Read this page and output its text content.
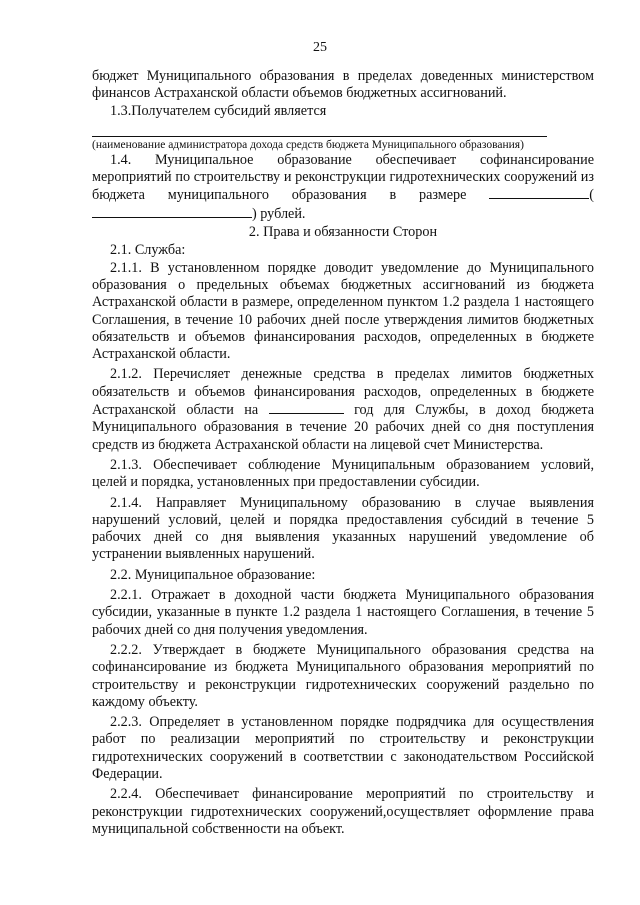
25

бюджет Муниципального образования в пределах доведенных министерством финансов Астраханской области объемов бюджетных ассигнований.

1.3.Получателем субсидий является

(наименование администратора дохода средств бюджета Муниципального образования)

1.4. Муниципальное образование обеспечивает софинансирование мероприятий по строительству и реконструкции гидротехнических сооружений из бюджета муниципального образования в размере	() рублей.

2. Права и обязанности Сторон

2.1. Служба:

2.1.1. В установленном порядке доводит уведомление до Муниципального образования о предельных объемах бюджетных ассигнований из бюджета Астраханской области в размере, определенном пунктом 1.2 раздела 1 настоящего Соглашения, в течение 10 рабочих дней после утверждения лимитов бюджетных обязательств и объемов финансирования расходов, определенных в бюджете Астраханской области.

2.1.2. Перечисляет денежные средства в пределах лимитов бюджетных обязательств и объемов финансирования расходов, определенных в бюджете Астраханской области на	год для Службы, в доход бюджета Муниципального образования в течение 20 рабочих дней со дня поступления средств из бюджета Астраханской области на лицевой счет Министерства.

2.1.3. Обеспечивает соблюдение Муниципальным образованием условий, целей и порядка, установленных при предоставлении субсидии.

2.1.4. Направляет Муниципальному образованию в случае выявления нарушений условий, целей и порядка предоставления субсидий в течение 5 рабочих дней со дня выявления указанных нарушений уведомление об устранении выявленных нарушений.

2.2. Муниципальное образование:

2.2.1. Отражает в доходной части бюджета Муниципального образования субсидии, указанные в пункте 1.2 раздела 1 настоящего Соглашения, в течение 5 рабочих дней со дня получения уведомления.

2.2.2. Утверждает в бюджете Муниципального образования средства на софинансирование из бюджета Муниципального образования мероприятий по строительству и реконструкции гидротехнических сооружений раздельно по каждому объекту.

2.2.3. Определяет в установленном порядке подрядчика для осуществления работ по реализации мероприятий по строительству и реконструкции гидротехнических сооружений в соответствии с законодательством Российской Федерации.

2.2.4. Обеспечивает финансирование мероприятий по строительству и реконструкции гидротехнических сооружений,осуществляет оформление права муниципальной собственности на объект.
